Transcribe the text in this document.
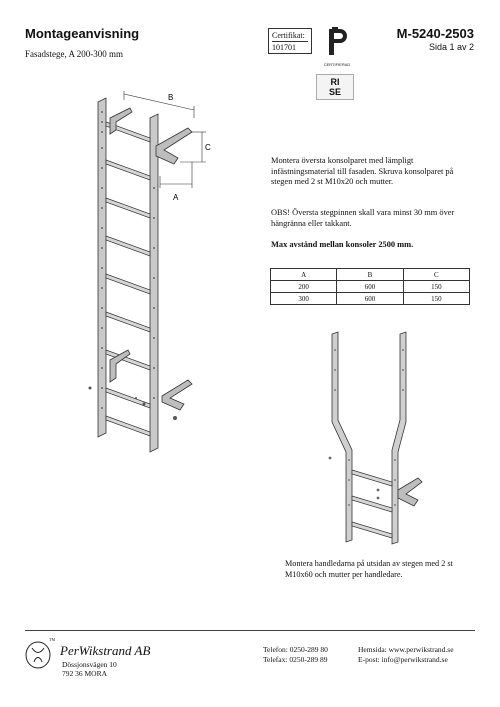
Montageanvisning
Fasadstege, A 200-300 mm
Certifikat:
101701
CERTIFIERAD
RI
SE
M-5240-2503
Sida 1 av 2
B
C
A
Montera översta konsolparet med lämpligt infästningsmaterial till fasaden. Skruva konsolparet på stegen med 2 st M10x20 och mutter.
OBS! Översta stegpinnen skall vara minst 30 mm över hängränna eller takkant.
Max avstånd mellan konsoler 2500 mm.
A	B	C
200	600	150
300	600	150
Montera handledarna på utsidan av stegen med 2 st M10x60 och mutter per handledare.
TM
PerWikstrand AB
Dössjonsvägen 10
792 36 MORA
Telefon: 0250-289 80
Telefax: 0250-289 89
Hemsida: www.perwikstrand.se
E-post: info@perwikstrand.se
